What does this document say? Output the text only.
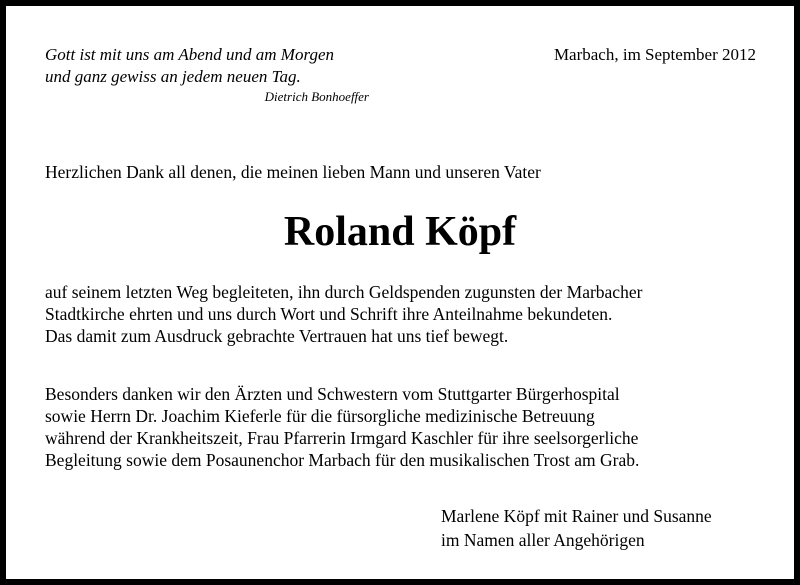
Gott ist mit uns am Abend und am Morgen

und ganz gewiss an jedem neuen Tag.

Dietrich Bonhoeffer

Marbach, im September 2012
Herzlichen Dank all denen, die meinen lieben Mann und unseren Vater
Roland Köpf

auf seinem letzten Weg begleiteten, ihn durch Geldspenden zugunsten der Marbacher

Stadtkirche ehrten und uns durch Wort und Schrift ihre Anteilnahme bekundeten.

Das damit zum Ausdruck gebrachte Vertrauen hat uns tief bewegt.

Besonders danken wir den Ärzten und Schwestern vom Stuttgarter Bürgerhospital

sowie Herrn Dr. Joachim Kieferle für die fürsorgliche medizinische Betreuung

während der Krankheitszeit, Frau Pfarrerin Irmgard Kaschler für ihre seelsorgerliche

Begleitung sowie dem Posaunenchor Marbach für den musikalischen Trost am Grab.

Marlene Köpf mit Rainer und Susanne

im Namen aller Angehörigen
